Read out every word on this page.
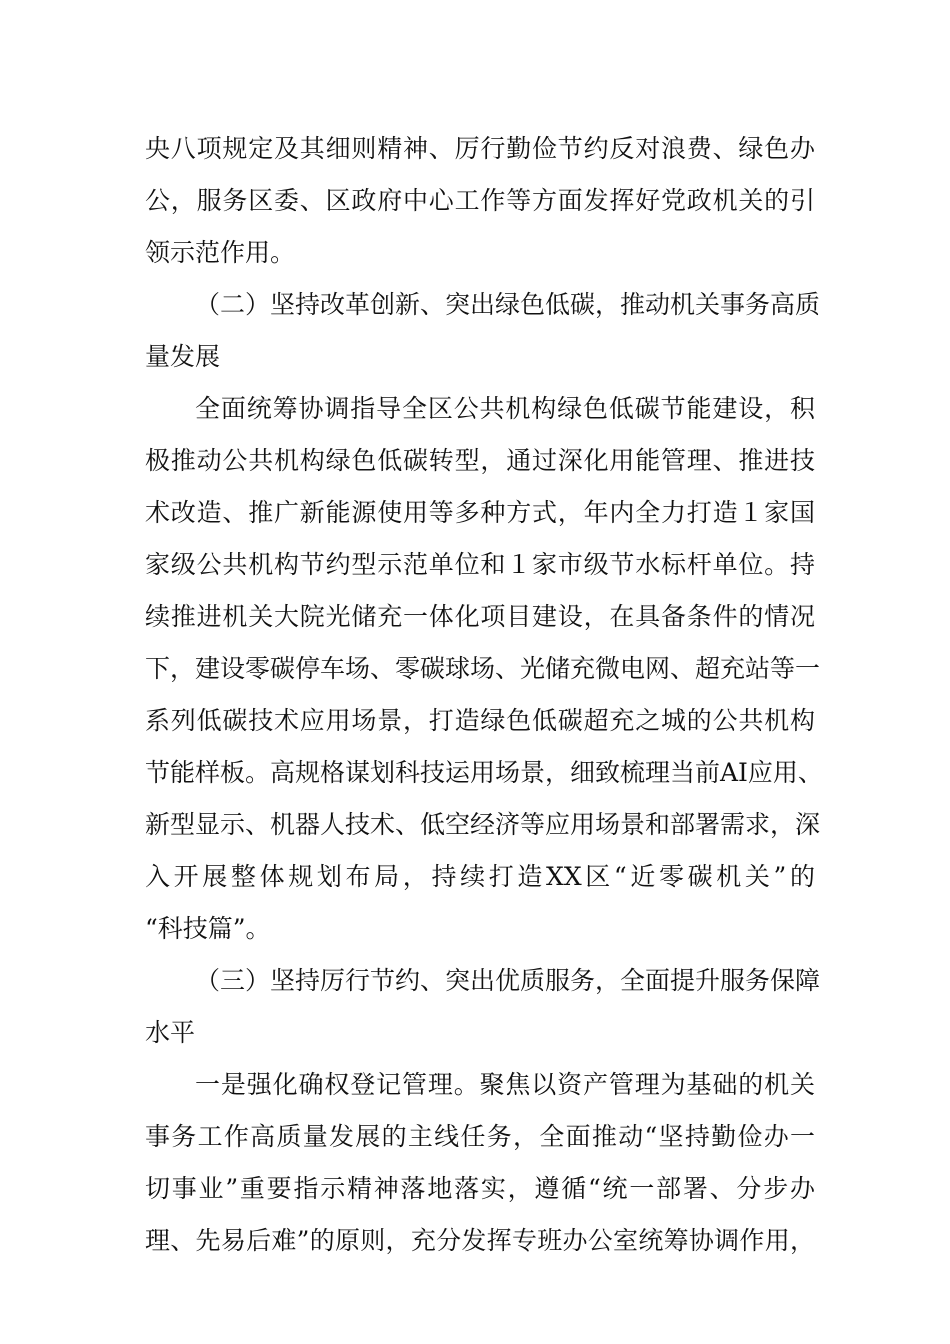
央八项规定及其细则精神、厉行勤俭节约反对浪费、绿色办
公，服务区委、区政府中心工作等方面发挥好党政机关的引
领示范作用。
（二）坚持改革创新、突出绿色低碳，推动机关事务高质
量发展
全面统筹协调指导全区公共机构绿色低碳节能建设，积
极推动公共机构绿色低碳转型，通过深化用能管理、推进技
术改造、推广新能源使用等多种方式，年内全力打造１家国
家级公共机构节约型示范单位和１家市级节水标杆单位。持
续推进机关大院光储充一体化项目建设，在具备条件的情况
下，建设零碳停车场、零碳球场、光储充微电网、超充站等一
系列低碳技术应用场景，打造绿色低碳超充之城的公共机构
节能样板。高规格谋划科技运用场景，细致梳理当前AI应用、
新型显示、机器人技术、低空经济等应用场景和部署需求，深
入开展整体规划布局，持续打造XX区“近零碳机关”的
“科技篇”。
（三）坚持厉行节约、突出优质服务，全面提升服务保障
水平
一是强化确权登记管理。聚焦以资产管理为基础的机关
事务工作高质量发展的主线任务，全面推动“坚持勤俭办一
切事业”重要指示精神落地落实，遵循“统一部署、分步办
理、先易后难”的原则，充分发挥专班办公室统筹协调作用，
